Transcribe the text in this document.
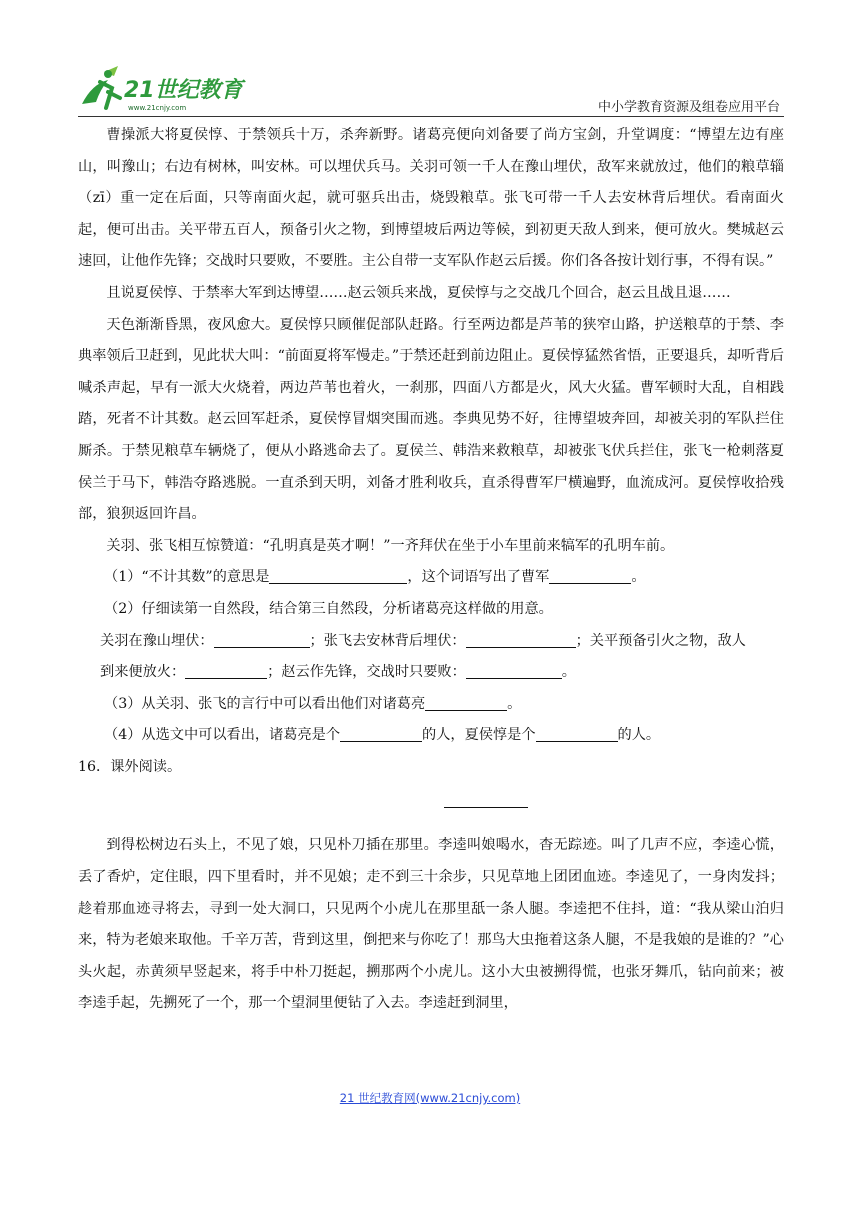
21世纪教育
www.21cnjy.com	中小学教育资源及组卷应用平台

曹操派大将夏侯惇、于禁领兵十万，杀奔新野。诸葛亮便向刘备要了尚方宝剑，升堂调度：“博望左边有座山，叫豫山；右边有树林，叫安林。可以埋伏兵马。关羽可领一千人在豫山埋伏，敌军来就放过，他们的粮草辎（zī）重一定在后面，只等南面火起，就可驱兵出击，烧毁粮草。张飞可带一千人去安林背后埋伏。看南面火起，便可出击。关平带五百人，预备引火之物，到博望坡后两边等候，到初更天敌人到来，便可放火。樊城赵云速回，让他作先锋；交战时只要败，不要胜。主公自带一支军队作赵云后援。你们各各按计划行事，不得有误。”

且说夏侯惇、于禁率大军到达博望……赵云领兵来战，夏侯惇与之交战几个回合，赵云且战且退……

天色渐渐昏黑，夜风愈大。夏侯惇只顾催促部队赶路。行至两边都是芦苇的狭窄山路，护送粮草的于禁、李典率领后卫赶到，见此状大叫：“前面夏将军慢走。”于禁还赶到前边阻止。夏侯惇猛然省悟，正要退兵，却听背后喊杀声起，早有一派大火烧着，两边芦苇也着火，一刹那，四面八方都是火，风大火猛。曹军顿时大乱，自相践踏，死者不计其数。赵云回军赶杀，夏侯惇冒烟突围而逃。李典见势不好，往博望坡奔回，却被关羽的军队拦住厮杀。于禁见粮草车辆烧了，便从小路逃命去了。夏侯兰、韩浩来救粮草，却被张飞伏兵拦住，张飞一枪刺落夏侯兰于马下，韩浩夺路逃脱。一直杀到天明，刘备才胜利收兵，直杀得曹军尸横遍野，血流成河。夏侯惇收拾残部，狼狈返回许昌。

关羽、张飞相互惊赞道：“孔明真是英才啊！”一齐拜伏在坐于小车里前来犒军的孔明车前。

（1）“不计其数”的意思是	，这个词语写出了曹军	。

（2）仔细读第一自然段，结合第三自然段，分析诸葛亮这样做的用意。

关羽在豫山埋伏：	；张飞去安林背后埋伏：	；关平预备引火之物，敌人

到来便放火：	；赵云作先锋，交战时只要败：	。

（3）从关羽、张飞的言行中可以看出他们对诸葛亮	。

（4）从选文中可以看出，诸葛亮是个	的人，夏侯惇是个	的人。

16．课外阅读。

到得松树边石头上，不见了娘，只见朴刀插在那里。李逵叫娘喝水，杳无踪迹。叫了几声不应，李逵心慌，丢了香炉，定住眼，四下里看时，并不见娘；走不到三十余步，只见草地上团团血迹。李逵见了，一身肉发抖；趁着那血迹寻将去，寻到一处大洞口，只见两个小虎儿在那里舐一条人腿。李逵把不住抖，道：“我从梁山泊归来，特为老娘来取他。千辛万苦，背到这里，倒把来与你吃了！那鸟大虫拖着这条人腿，不是我娘的是谁的？”心头火起，赤黄须早竖起来，将手中朴刀挺起，搠那两个小虎儿。这小大虫被搠得慌，也张牙舞爪，钻向前来；被李逵手起，先搠死了一个，那一个望洞里便钻了入去。李逵赶到洞里，

21 世纪教育网(www.21cnjy.com)
